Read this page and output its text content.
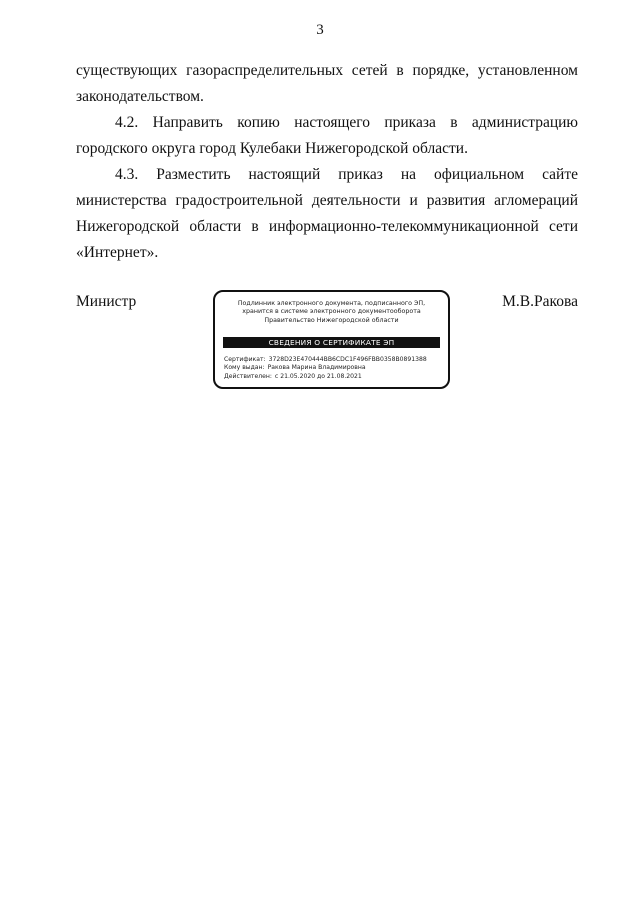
3

существующих газораспределительных сетей в порядке, установленном законодательством.

4.2. Направить копию настоящего приказа в администрацию городского округа город Кулебаки Нижегородской области.

4.3. Разместить настоящий приказ на официальном сайте министерства градостроительной деятельности и развития агломераций Нижегородской области в информационно-телекоммуникационной сети «Интернет».

Министр	Подлинник электронного документа, подписанного ЭП,
хранится в системе электронного документооборота
Правительство Нижегородской области
СВЕДЕНИЯ О СЕРТИФИКАТЕ ЭП
Сертификат: 3728D23E470444BB6CDC1F496FBB0358B0891388
Кому выдан: Ракова Марина Владимировна
Действителен: с 21.05.2020 до 21.08.2021
М.В.Ракова
